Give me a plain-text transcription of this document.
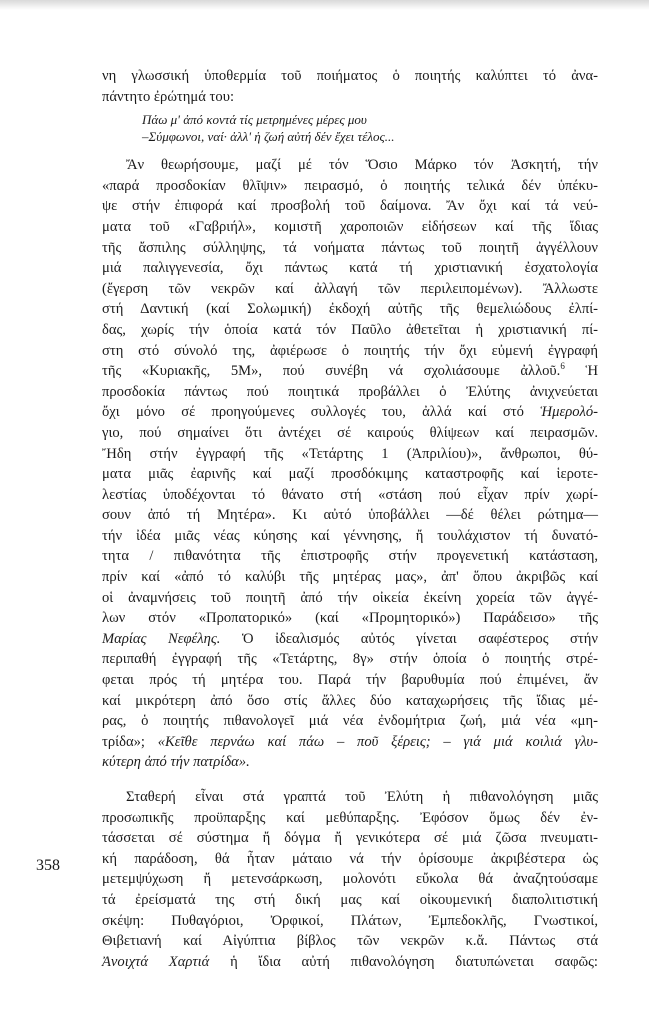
νη γλωσσική ὑποθερμία τοῦ ποιήματος ὁ ποιητής καλύπτει τό ἀνα-
πάντητο ἐρώτημά του:

Πάω μ' ἀπό κοντά τίς μετρημένες μέρες μου
–Σύμφωνοι, ναί· ἀλλ' ἡ ζωή αὐτή δέν ἔχει τέλος...

Ἄν θεωρήσουμε, μαζί μέ τόν Ὅσιο Μάρκο τόν Ἀσκητή, τήν
«παρά προσδοκίαν θλῖψιν» πειρασμό, ὁ ποιητής τελικά δέν ὑπέκυ-
ψε στήν ἐπιφορά καί προσβολή τοῦ δαίμονα. Ἄν ὄχι καί τά νεύ-
ματα τοῦ «Γαβριήλ», κομιστῆ χαροποιῶν εἰδήσεων καί τῆς ἴδιας
τῆς ἄσπιλης σύλληψης, τά νοήματα πάντως τοῦ ποιητῆ ἀγγέλλουν
μιά παλιγγενεσία, ὄχι πάντως κατά τή χριστιανική ἐσχατολογία
(ἔγερση τῶν νεκρῶν καί ἀλλαγή τῶν περιλειπομένων). Ἄλλωστε
στή Δαντική (καί Σολωμική) ἐκδοχή αὐτῆς τῆς θεμελιώδους ἐλπί-
δας, χωρίς τήν ὁποία κατά τόν Παῦλο ἀθετεῖται ἡ χριστιανική πί-
στη στό σύνολό της, ἀφιέρωσε ὁ ποιητής τήν ὄχι εὐμενή ἐγγραφή
τῆς «Κυριακῆς, 5Μ», πού συνέβη νά σχολιάσουμε ἀλλοῦ.$^6$ Ἡ
προσδοκία πάντως πού ποιητικά προβάλλει ὁ Ἐλύτης ἀνιχνεύεται
ὄχι μόνο σέ προηγούμενες συλλογές του, ἀλλά καί στό Ἡμερολό-
γιο, πού σημαίνει ὅτι ἀντέχει σέ καιρούς θλίψεων καί πειρασμῶν.
Ἤδη στήν ἐγγραφή τῆς «Τετάρτης 1 (Ἀπριλίου)», ἄνθρωποι, θύ-
ματα μιᾶς ἐαρινῆς καί μαζί προσδόκιμης καταστροφῆς καί ἱεροτε-
λεστίας ὑποδέχονται τό θάνατο στή «στάση πού εἶχαν πρίν χωρί-
σουν ἀπό τή Μητέρα». Κι αὐτό ὑποβάλλει —δέ θέλει ρώτημα—
τήν ἰδέα μιᾶς νέας κύησης καί γέννησης, ἤ τουλάχιστον τή δυνατό-
τητα / πιθανότητα τῆς ἐπιστροφῆς στήν προγενετική κατάσταση,
πρίν καί «ἀπό τό καλύβι τῆς μητέρας μας», ἀπ' ὅπου ἀκριβῶς καί
οἱ ἀναμνήσεις τοῦ ποιητῆ ἀπό τήν οἰκεία ἐκείνη χορεία τῶν ἀγγέ-
λων στόν «Προπατορικό» (καί «Προμητορικό») Παράδεισο» τῆς
Μαρίας Νεφέλης. Ὁ ἰδεαλισμός αὐτός γίνεται σαφέστερος στήν
περιπαθή ἐγγραφή τῆς «Τετάρτης, 8γ» στήν ὁποία ὁ ποιητής στρέ-
φεται πρός τή μητέρα του. Παρά τήν βαρυθυμία πού ἐπιμένει, ἄν
καί μικρότερη ἀπό ὅσο στίς ἄλλες δύο καταχωρήσεις τῆς ἴδιας μέ-
ρας, ὁ ποιητής πιθανολογεῖ μιά νέα ἐνδομήτρια ζωή, μιά νέα «μη-
τρίδα»; «Κεῖθε περνάω καί πάω – ποῦ ξέρεις; – γιά μιά κοιλιά γλυ-
κύτερη ἀπό τήν πατρίδα».

Σταθερή εἶναι στά γραπτά τοῦ Ἐλύτη ἡ πιθανολόγηση μιᾶς
προσωπικῆς προϋπαρξης καί μεθύπαρξης. Ἐφόσον ὅμως δέν ἐν-
τάσσεται σέ σύστημα ἤ δόγμα ἤ γενικότερα σέ μιά ζῶσα πνευματι-
κή παράδοση, θά ἦταν μάταιο νά τήν ὁρίσουμε ἀκριβέστερα ὡς
μετεμψύχωση ἤ μετενσάρκωση, μολονότι εὔκολα θά ἀναζητούσαμε
τά ἐρείσματά της στή δική μας καί οἰκουμενική διαπολιτιστική
σκέψη: Πυθαγόριοι, Ὀρφικοί, Πλάτων, Ἐμπεδοκλῆς, Γνωστικοί,
Θιβετιανή καί Αἰγύπτια βίβλος τῶν νεκρῶν κ.ἄ. Πάντως στά
Ἀνοιχτά Χαρτιά ἡ ἴδια αὐτή πιθανολόγηση διατυπώνεται σαφῶς:

358
